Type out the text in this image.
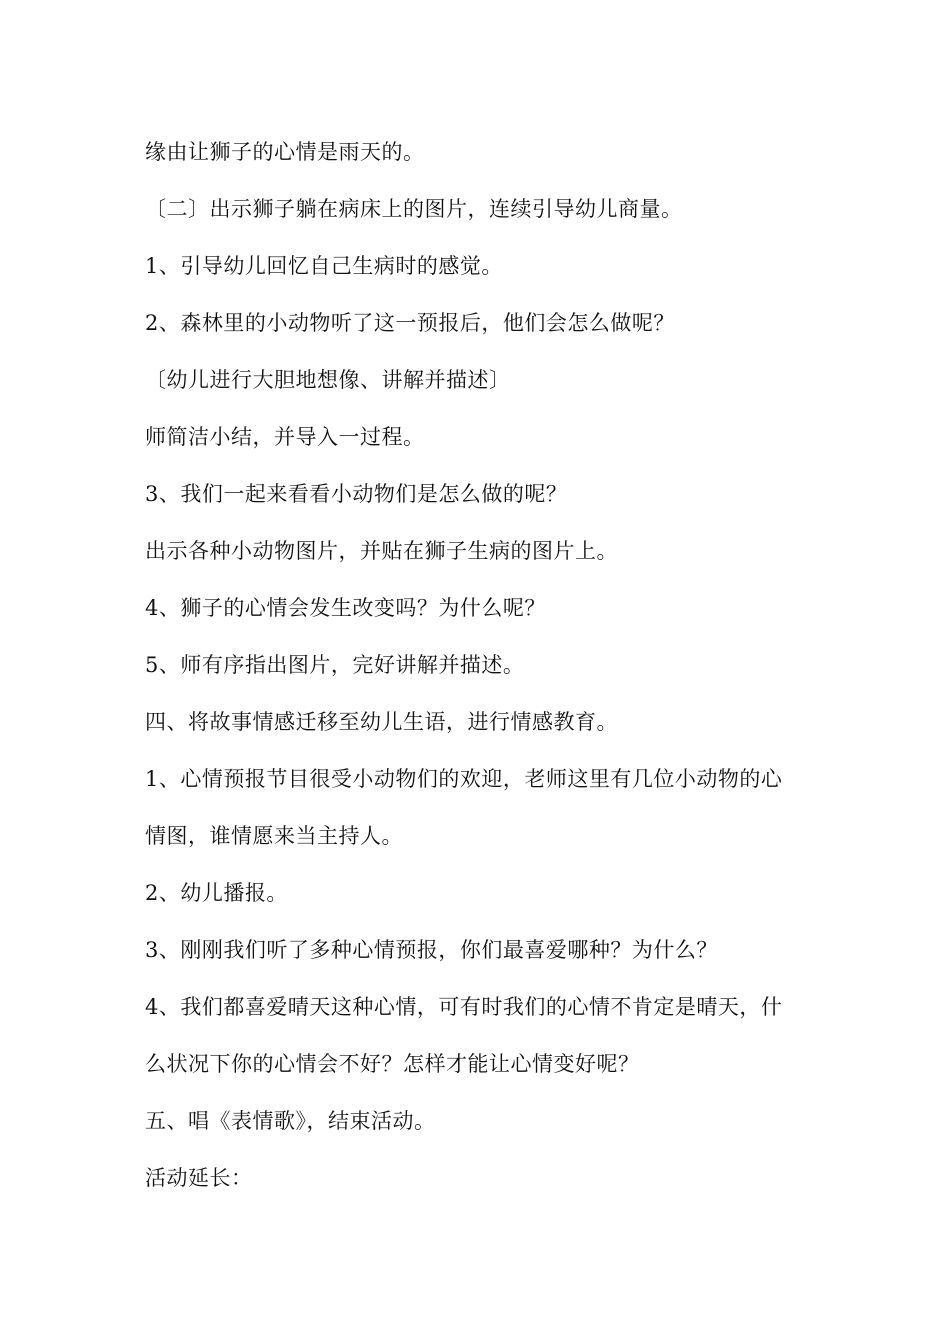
缘由让狮子的心情是雨天的。
〔二〕出示狮子躺在病床上的图片，连续引导幼儿商量。
1、引导幼儿回忆自己生病时的感觉。
2、森林里的小动物听了这一预报后，他们会怎么做呢？
〔幼儿进行大胆地想像、讲解并描述〕
师简洁小结，并导入一过程。
3、我们一起来看看小动物们是怎么做的呢？
出示各种小动物图片，并贴在狮子生病的图片上。
4、狮子的心情会发生改变吗？为什么呢？
5、师有序指出图片，完好讲解并描述。
四、将故事情感迁移至幼儿生语，进行情感教育。
1、心情预报节目很受小动物们的欢迎，老师这里有几位小动物的心
情图，谁情愿来当主持人。
2、幼儿播报。
3、刚刚我们听了多种心情预报，你们最喜爱哪种？为什么？
4、我们都喜爱晴天这种心情，可有时我们的心情不肯定是晴天，什
么状况下你的心情会不好？怎样才能让心情变好呢？
五、唱《表情歌》，结束活动。
活动延长：
